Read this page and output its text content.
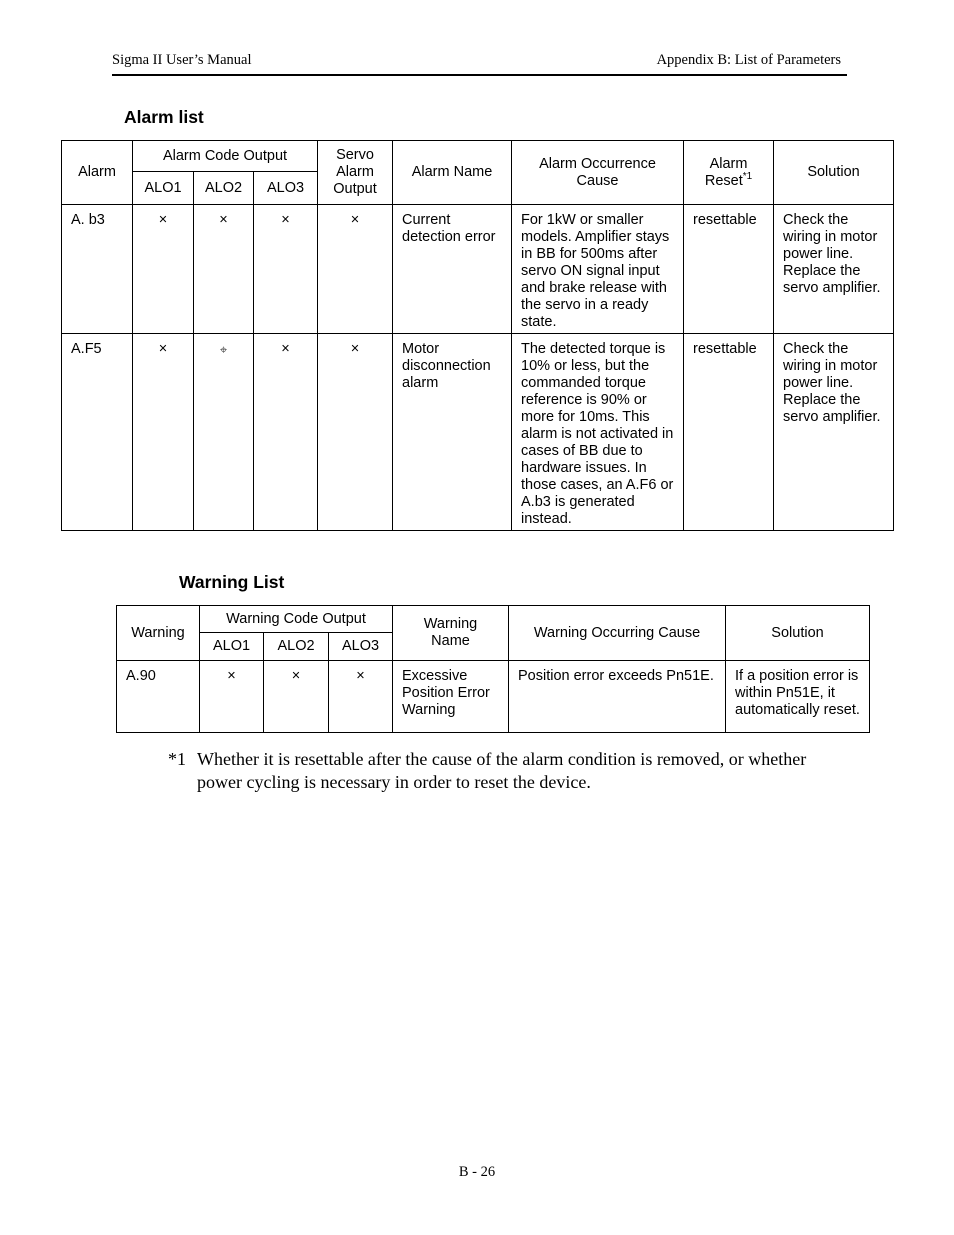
Sigma II User’s Manual	Appendix B: List of Parameters
Alarm list
Alarm	Alarm Code Output			Servo Alarm Output	Alarm Name	Alarm Occurrence Cause	Alarm Reset$^{*1}$	Solution
	ALO1	ALO2	ALO3					
A. b3	×	×	×	×	Current detection error	For 1kW or smaller models. Amplifier stays in BB for 500ms after servo ON signal input and brake release with the servo in a ready state.	resettable	Check the wiring in motor power line. Replace the servo amplifier.
A.F5	×	⌖	×	×	Motor disconnection alarm	The detected torque is 10% or less, but the commanded torque reference is 90% or more for 10ms. This alarm is not activated in cases of BB due to hardware issues. In those cases, an A.F6 or A.b3 is generated instead.	resettable	Check the wiring in motor power line. Replace the servo amplifier.
Warning List
Warning	Warning Code Output			Warning Name	Warning Occurring Cause	Solution
	ALO1	ALO2	ALO3			
A.90	×	×	×	Excessive Position Error Warning	Position error exceeds Pn51E.	If a position error is within Pn51E, it automatically reset.
*1 Whether it is resettable after the cause of the alarm condition is removed, or whether power cycling is necessary in order to reset the device.
B - 26
